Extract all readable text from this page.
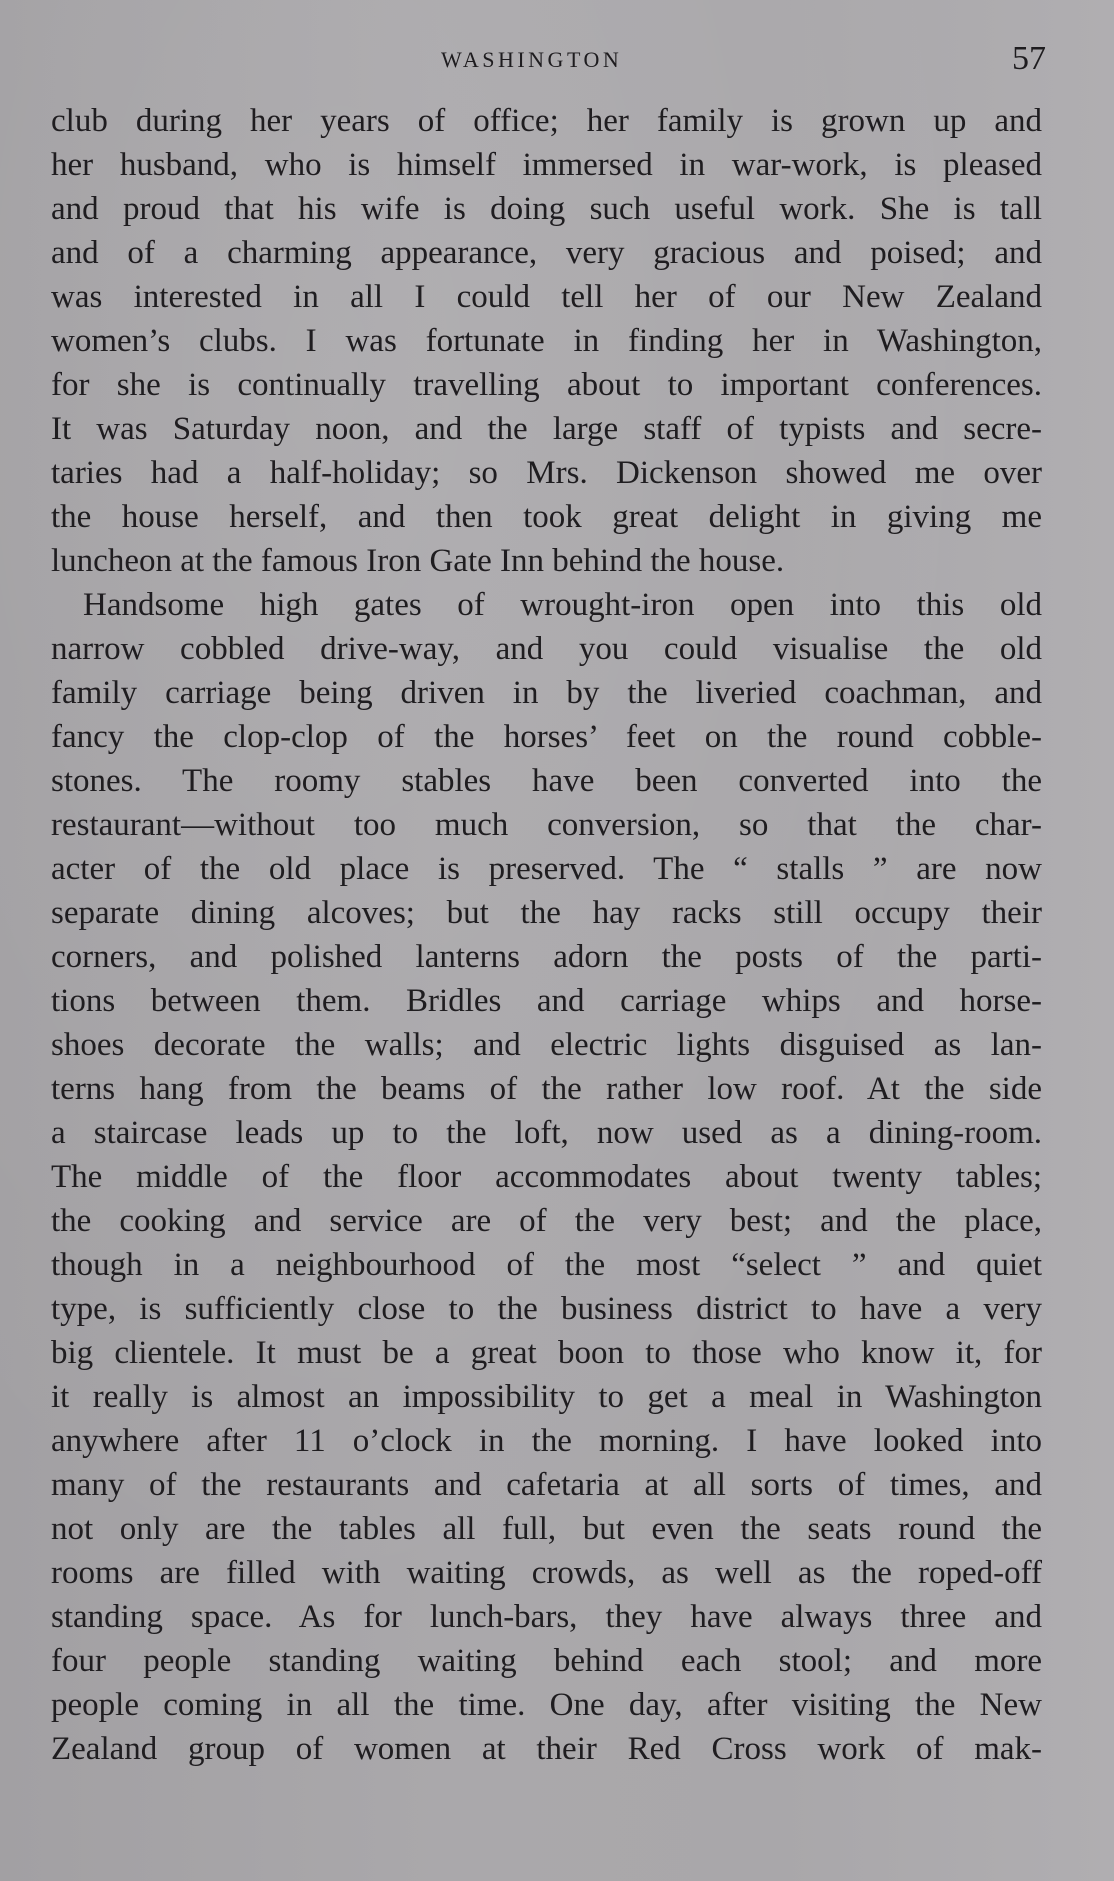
WASHINGTON	57
club during her years of office; her family is grown up and
her husband, who is himself immersed in war-work, is pleased
and proud that his wife is doing such useful work. She is tall
and of a charming appearance, very gracious and poised; and
was interested in all I could tell her of our New Zealand
women’s clubs. I was fortunate in finding her in Washington,
for she is continually travelling about to important conferences.
It was Saturday noon, and the large staff of typists and secre-
taries had a half-holiday; so Mrs. Dickenson showed me over
the house herself, and then took great delight in giving me
luncheon at the famous Iron Gate Inn behind the house.
Handsome high gates of wrought-iron open into this old
narrow cobbled drive-way, and you could visualise the old
family carriage being driven in by the liveried coachman, and
fancy the clop-clop of the horses’ feet on the round cobble-
stones. The roomy stables have been converted into the
restaurant—without too much conversion, so that the char-
acter of the old place is preserved. The “ stalls ” are now
separate dining alcoves; but the hay racks still occupy their
corners, and polished lanterns adorn the posts of the parti-
tions between them. Bridles and carriage whips and horse-
shoes decorate the walls; and electric lights disguised as lan-
terns hang from the beams of the rather low roof. At the side
a staircase leads up to the loft, now used as a dining-room.
The middle of the floor accommodates about twenty tables;
the cooking and service are of the very best; and the place,
though in a neighbourhood of the most “select ” and quiet
type, is sufficiently close to the business district to have a very
big clientele. It must be a great boon to those who know it, for
it really is almost an impossibility to get a meal in Washington
anywhere after 11 o’clock in the morning. I have looked into
many of the restaurants and cafetaria at all sorts of times, and
not only are the tables all full, but even the seats round the
rooms are filled with waiting crowds, as well as the roped-off
standing space. As for lunch-bars, they have always three and
four people standing waiting behind each stool; and more
people coming in all the time. One day, after visiting the New
Zealand group of women at their Red Cross work of mak-
